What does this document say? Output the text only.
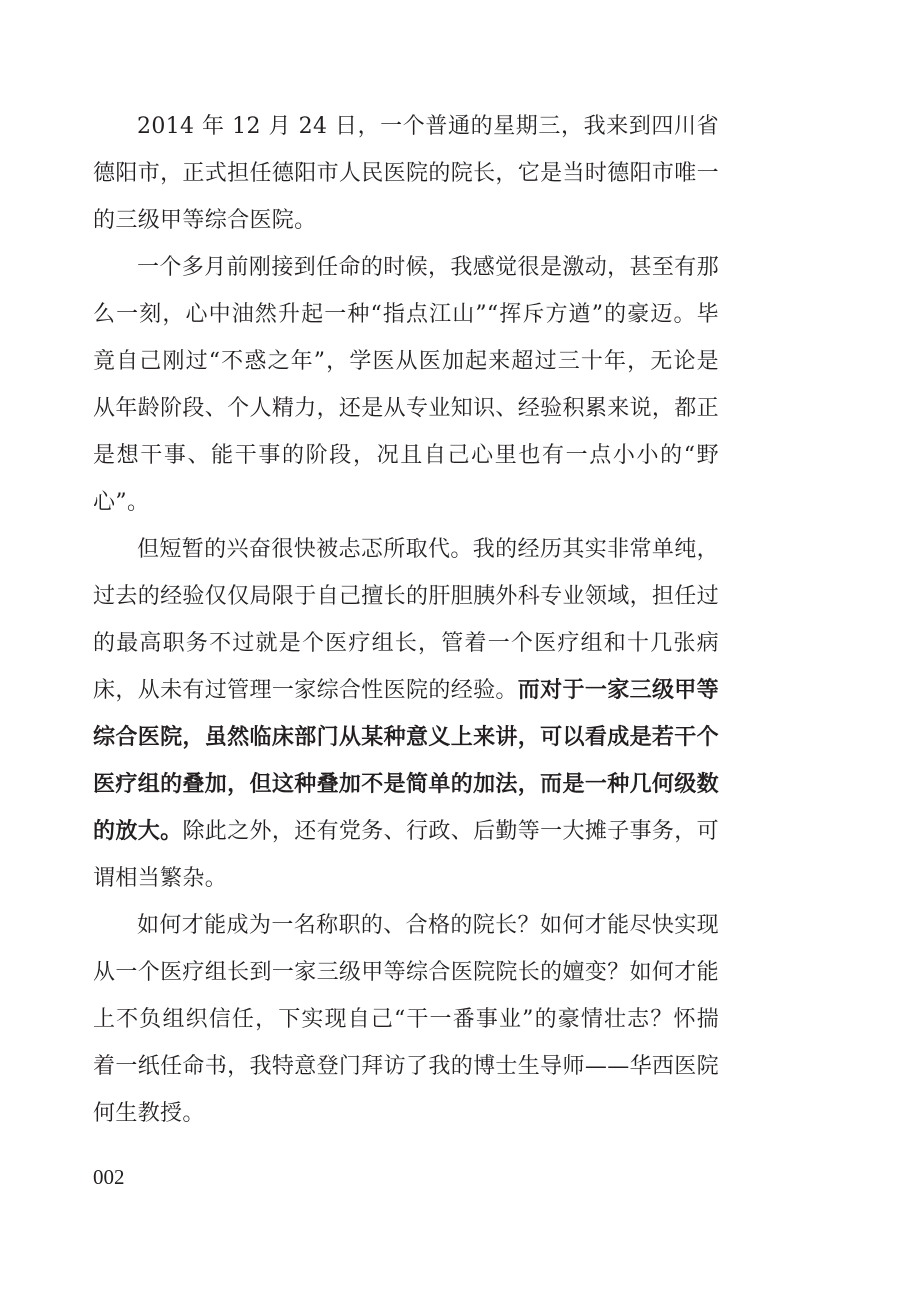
2014 年 12 月 24 日，一个普通的星期三，我来到四川省德阳市，正式担任德阳市人民医院的院长，它是当时德阳市唯一的三级甲等综合医院。

一个多月前刚接到任命的时候，我感觉很是激动，甚至有那么一刻，心中油然升起一种“指点江山”“挥斥方遒”的豪迈。毕竟自己刚过“不惑之年”，学医从医加起来超过三十年，无论是从年龄阶段、个人精力，还是从专业知识、经验积累来说，都正是想干事、能干事的阶段，况且自己心里也有一点小小的“野心”。

但短暂的兴奋很快被忐忑所取代。我的经历其实非常单纯，过去的经验仅仅局限于自己擅长的肝胆胰外科专业领域，担任过的最高职务不过就是个医疗组长，管着一个医疗组和十几张病床，从未有过管理一家综合性医院的经验。而对于一家三级甲等综合医院，虽然临床部门从某种意义上来讲，可以看成是若干个医疗组的叠加，但这种叠加不是简单的加法，而是一种几何级数的放大。除此之外，还有党务、行政、后勤等一大摊子事务，可谓相当繁杂。

如何才能成为一名称职的、合格的院长？如何才能尽快实现从一个医疗组长到一家三级甲等综合医院院长的嬗变？如何才能上不负组织信任，下实现自己“干一番事业”的豪情壮志？怀揣着一纸任命书，我特意登门拜访了我的博士生导师——华西医院何生教授。

002
